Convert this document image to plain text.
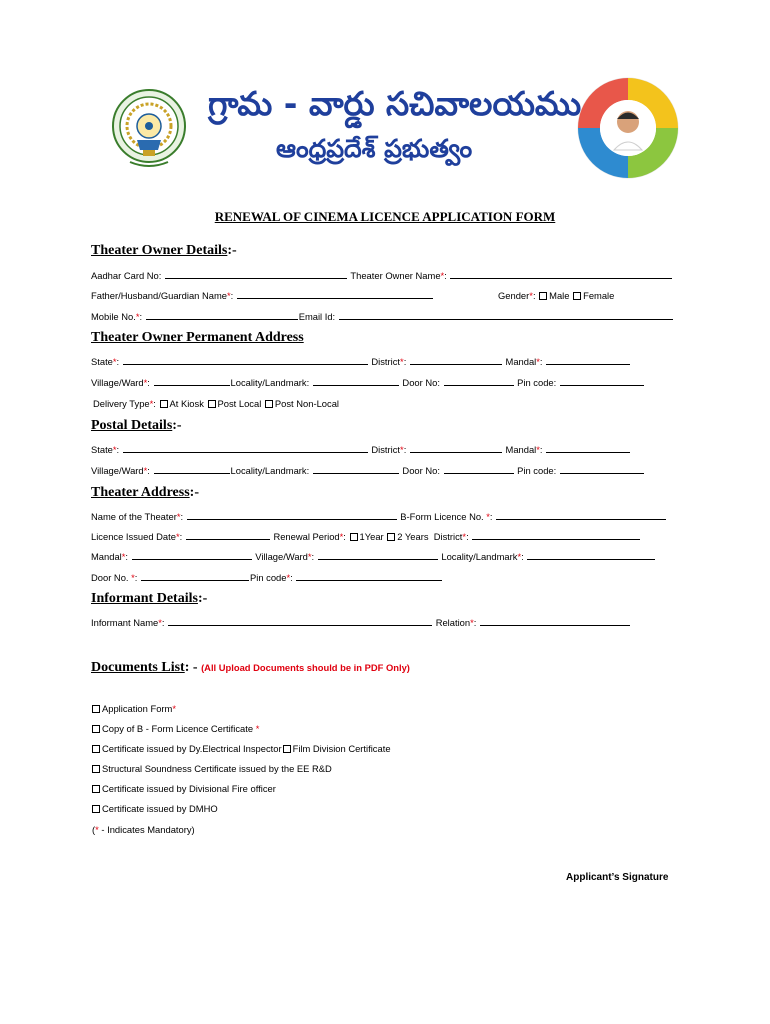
గ్రామ - వార్డు సచివాలయము
ఆంధ్రప్రదేశ్ ప్రభుత్వం
RENEWAL OF CINEMA LICENCE APPLICATION FORM
Theater Owner Details:-
Aadhar Card No:	Theater Owner Name*:
Father/Husband/Guardian Name*:	Gender*: Male Female
Mobile No.*:	Email Id:
Theater Owner Permanent Address
State*:	District*:	Mandal*:
Village/Ward*:	Locality/Landmark:	Door No:	Pin code:
Delivery Type*: At Kiosk Post Local Post Non-Local
Postal Details:-
State*:	District*:	Mandal*:
Village/Ward*:	Locality/Landmark:	Door No:	Pin code:
Theater Address:-
Name of the Theater*:	B-Form Licence No. *:
Licence Issued Date*:	Renewal Period*: 1Year 2 Years District*:
Mandal*:	Village/Ward*:	Locality/Landmark*:
Door No. *:	Pin code*:
Informant Details:-
Informant Name*:	Relation*:
Documents List: - (All Upload Documents should be in PDF Only)
Application Form*
Copy of B - Form Licence Certificate *
Certificate issued by Dy.Electrical Inspector Film Division Certificate
Structural Soundness Certificate issued by the EE R&D
Certificate issued by Divisional Fire officer
Certificate issued by DMHO
(* - Indicates Mandatory)
Applicant’s Signature
